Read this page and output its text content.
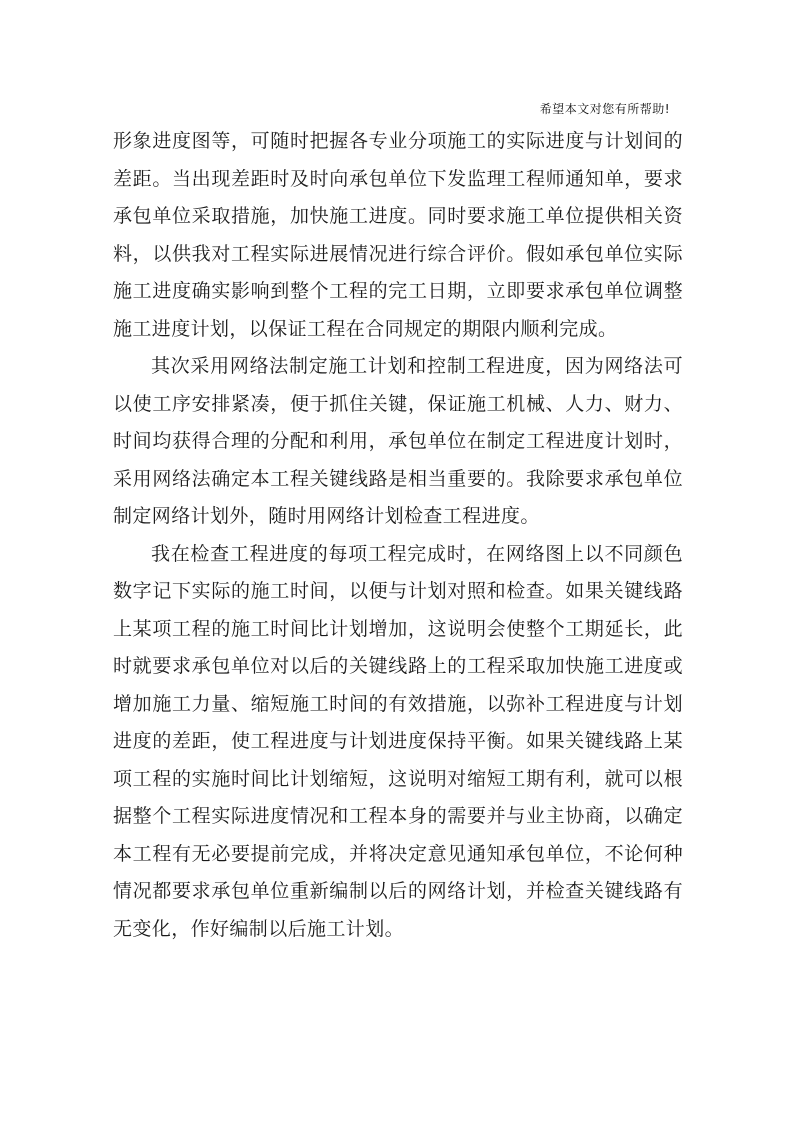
希望本文对您有所帮助!

形象进度图等，可随时把握各专业分项施工的实际进度与计划间的差距。当出现差距时及时向承包单位下发监理工程师通知单，要求承包单位采取措施，加快施工进度。同时要求施工单位提供相关资料，以供我对工程实际进展情况进行综合评价。假如承包单位实际施工进度确实影响到整个工程的完工日期，立即要求承包单位调整施工进度计划，以保证工程在合同规定的期限内顺利完成。

其次采用网络法制定施工计划和控制工程进度，因为网络法可以使工序安排紧凑，便于抓住关键，保证施工机械、人力、财力、时间均获得合理的分配和利用，承包单位在制定工程进度计划时，采用网络法确定本工程关键线路是相当重要的。我除要求承包单位制定网络计划外，随时用网络计划检查工程进度。

我在检查工程进度的每项工程完成时，在网络图上以不同颜色数字记下实际的施工时间，以便与计划对照和检查。如果关键线路上某项工程的施工时间比计划增加，这说明会使整个工期延长，此时就要求承包单位对以后的关键线路上的工程采取加快施工进度或增加施工力量、缩短施工时间的有效措施，以弥补工程进度与计划进度的差距，使工程进度与计划进度保持平衡。如果关键线路上某项工程的实施时间比计划缩短，这说明对缩短工期有利，就可以根据整个工程实际进度情况和工程本身的需要并与业主协商，以确定本工程有无必要提前完成，并将决定意见通知承包单位，不论何种情况都要求承包单位重新编制以后的网络计划，并检查关键线路有无变化，作好编制以后施工计划。
